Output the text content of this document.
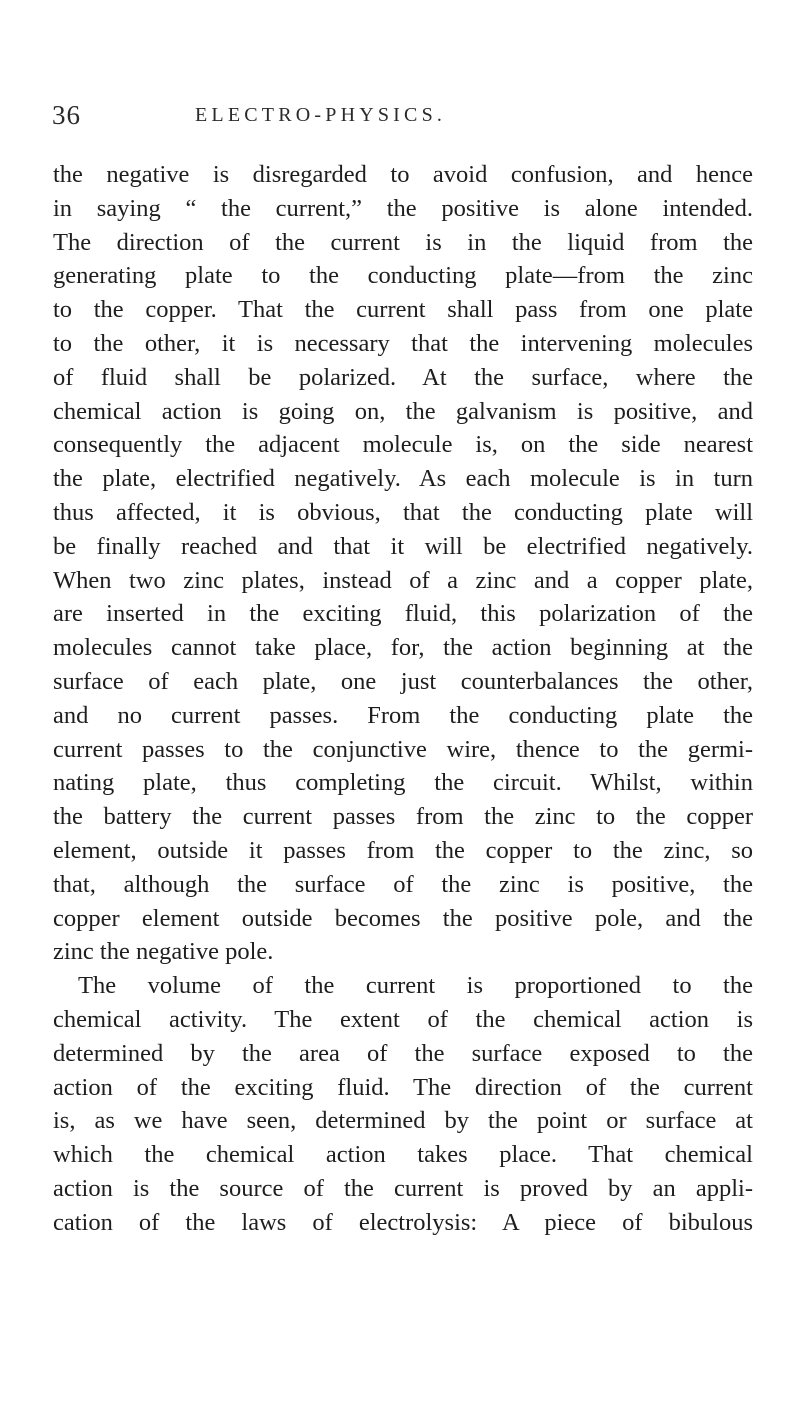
36	ELECTRO-PHYSICS.
the negative is disregarded to avoid confusion, and hence
in saying “ the current,” the positive is alone intended.
The direction of the current is in the liquid from the
generating plate to the conducting plate—from the zinc
to the copper. That the current shall pass from one plate
to the other, it is necessary that the intervening molecules
of fluid shall be polarized. At the surface, where the
chemical action is going on, the galvanism is positive, and
consequently the adjacent molecule is, on the side nearest
the plate, electrified negatively. As each molecule is in turn
thus affected, it is obvious, that the conducting plate will
be finally reached and that it will be electrified negatively.
When two zinc plates, instead of a zinc and a copper plate,
are inserted in the exciting fluid, this polarization of the
molecules cannot take place, for, the action beginning at the
surface of each plate, one just counterbalances the other,
and no current passes. From the conducting plate the
current passes to the conjunctive wire, thence to the germi-
nating plate, thus completing the circuit. Whilst, within
the battery the current passes from the zinc to the copper
element, outside it passes from the copper to the zinc, so
that, although the surface of the zinc is positive, the
copper element outside becomes the positive pole, and the
zinc the negative pole.
The volume of the current is proportioned to the
chemical activity. The extent of the chemical action is
determined by the area of the surface exposed to the
action of the exciting fluid. The direction of the current
is, as we have seen, determined by the point or surface at
which the chemical action takes place. That chemical
action is the source of the current is proved by an appli-
cation of the laws of electrolysis: A piece of bibulous
